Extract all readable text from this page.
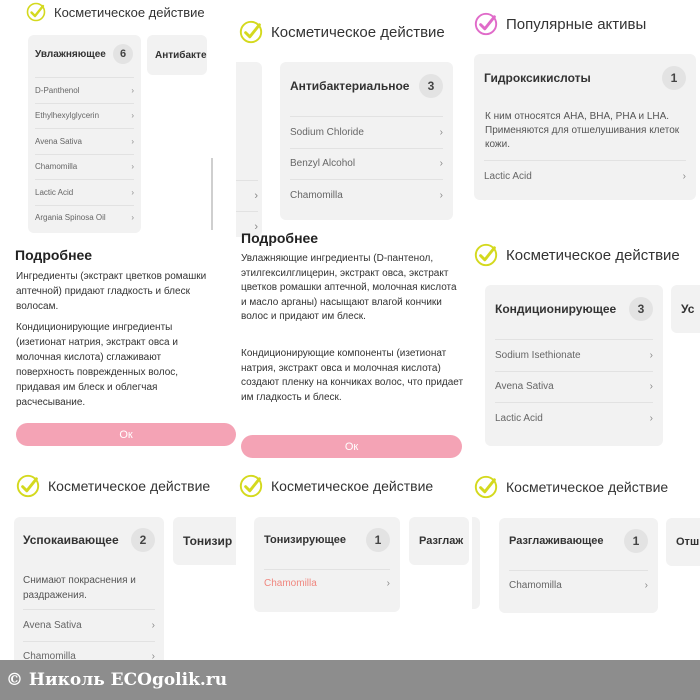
Косметическое действие
Увлажняющее	6
D-Panthenol	›
Ethylhexylglycerin	›
Avena Sativa	›
Chamomilla	›
Lactic Acid	›
Argania Spinosa Oil	›
Антибакте
Подробнее
Ингредиенты (экстракт цветков ромашки аптечной) придают гладкость и блеск волосам.
Кондиционирующие ингредиенты (изетионат натрия, экстракт овса и молочная кислота) сглаживают поверхность поврежденных волос, придавая им блеск и облегчая расчесывание.
Ок
Косметическое действие
›
›
Антибактериальное	3
Sodium Chloride	›
Benzyl Alcohol	›
Chamomilla	›
Подробнее
Увлажняющие ингредиенты (D-пантенол, этилгексилглицерин, экстракт овса, экстракт цветков ромашки аптечной, молочная кислота и масло арганы) насыщают влагой кончики волос и придают им блеск.
Кондиционирующие компоненты (изетионат натрия, экстракт овса и молочная кислота) создают пленку на кончиках волос, что придает им гладкость и блеск.
Ок
Популярные активы
Гидроксикислоты	1
К ним относятся AHA, BHA, PHA и LHA. Применяются для отшелушивания клеток кожи.
Lactic Acid	›
Косметическое действие
Кондиционирующее	3
Sodium Isethionate	›
Avena Sativa	›
Lactic Acid	›
Ус
Косметическое действие
Успокаивающее	2
Снимают покраснения и раздражения.
Avena Sativa	›
Chamomilla	›
Тонизир
Косметическое действие
Тонизирующее	1
Chamomilla	›
Разглаж
Косметическое действие
Разглаживающее	1
Chamomilla	›
Отш
© Николь ECOgolik.ru
